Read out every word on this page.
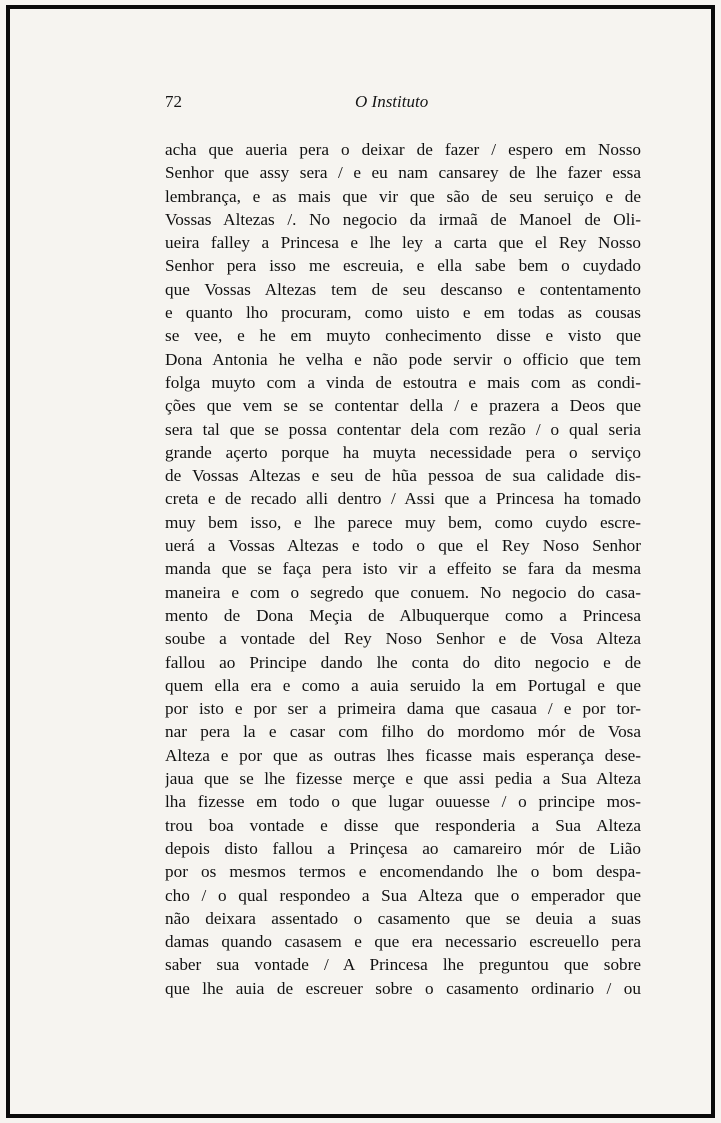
72	O Instituto
acha que aueria pera o deixar de fazer / espero em Nosso
Senhor que assy sera / e eu nam cansarey de lhe fazer essa
lembrança, e as mais que vir que são de seu seruiço e de
Vossas Altezas /. No negocio da irmaã de Manoel de Oli-
ueira falley a Princesa e lhe ley a carta que el Rey Nosso
Senhor pera isso me escreuia, e ella sabe bem o cuydado
que Vossas Altezas tem de seu descanso e contentamento
e quanto lho procuram, como uisto e em todas as cousas
se vee, e he em muyto conhecimento disse e visto que
Dona Antonia he velha e não pode servir o officio que tem
folga muyto com a vinda de estoutra e mais com as condi-
ções que vem se se contentar della / e prazera a Deos que
sera tal que se possa contentar dela com rezão / o qual seria
grande açerto porque ha muyta necessidade pera o serviço
de Vossas Altezas e seu de hũa pessoa de sua calidade dis-
creta e de recado alli dentro / Assi que a Princesa ha tomado
muy bem isso, e lhe parece muy bem, como cuydo escre-
uerá a Vossas Altezas e todo o que el Rey Noso Senhor
manda que se faça pera isto vir a effeito se fara da mesma
maneira e com o segredo que conuem. No negocio do casa-
mento de Dona Meçia de Albuquerque como a Princesa
soube a vontade del Rey Noso Senhor e de Vosa Alteza
fallou ao Principe dando lhe conta do dito negocio e de
quem ella era e como a auia seruido la em Portugal e que
por isto e por ser a primeira dama que casaua / e por tor-
nar pera la e casar com filho do mordomo mór de Vosa
Alteza e por que as outras lhes ficasse mais esperança dese-
jaua que se lhe fizesse merçe e que assi pedia a Sua Alteza
lha fizesse em todo o que lugar ouuesse / o principe mos-
trou boa vontade e disse que responderia a Sua Alteza
depois disto fallou a Prinçesa ao camareiro mór de Lião
por os mesmos termos e encomendando lhe o bom despa-
cho / o qual respondeo a Sua Alteza que o emperador que
não deixara assentado o casamento que se deuia a suas
damas quando casasem e que era necessario escreuello pera
saber sua vontade / A Princesa lhe preguntou que sobre
que lhe auia de escreuer sobre o casamento ordinario / ou
